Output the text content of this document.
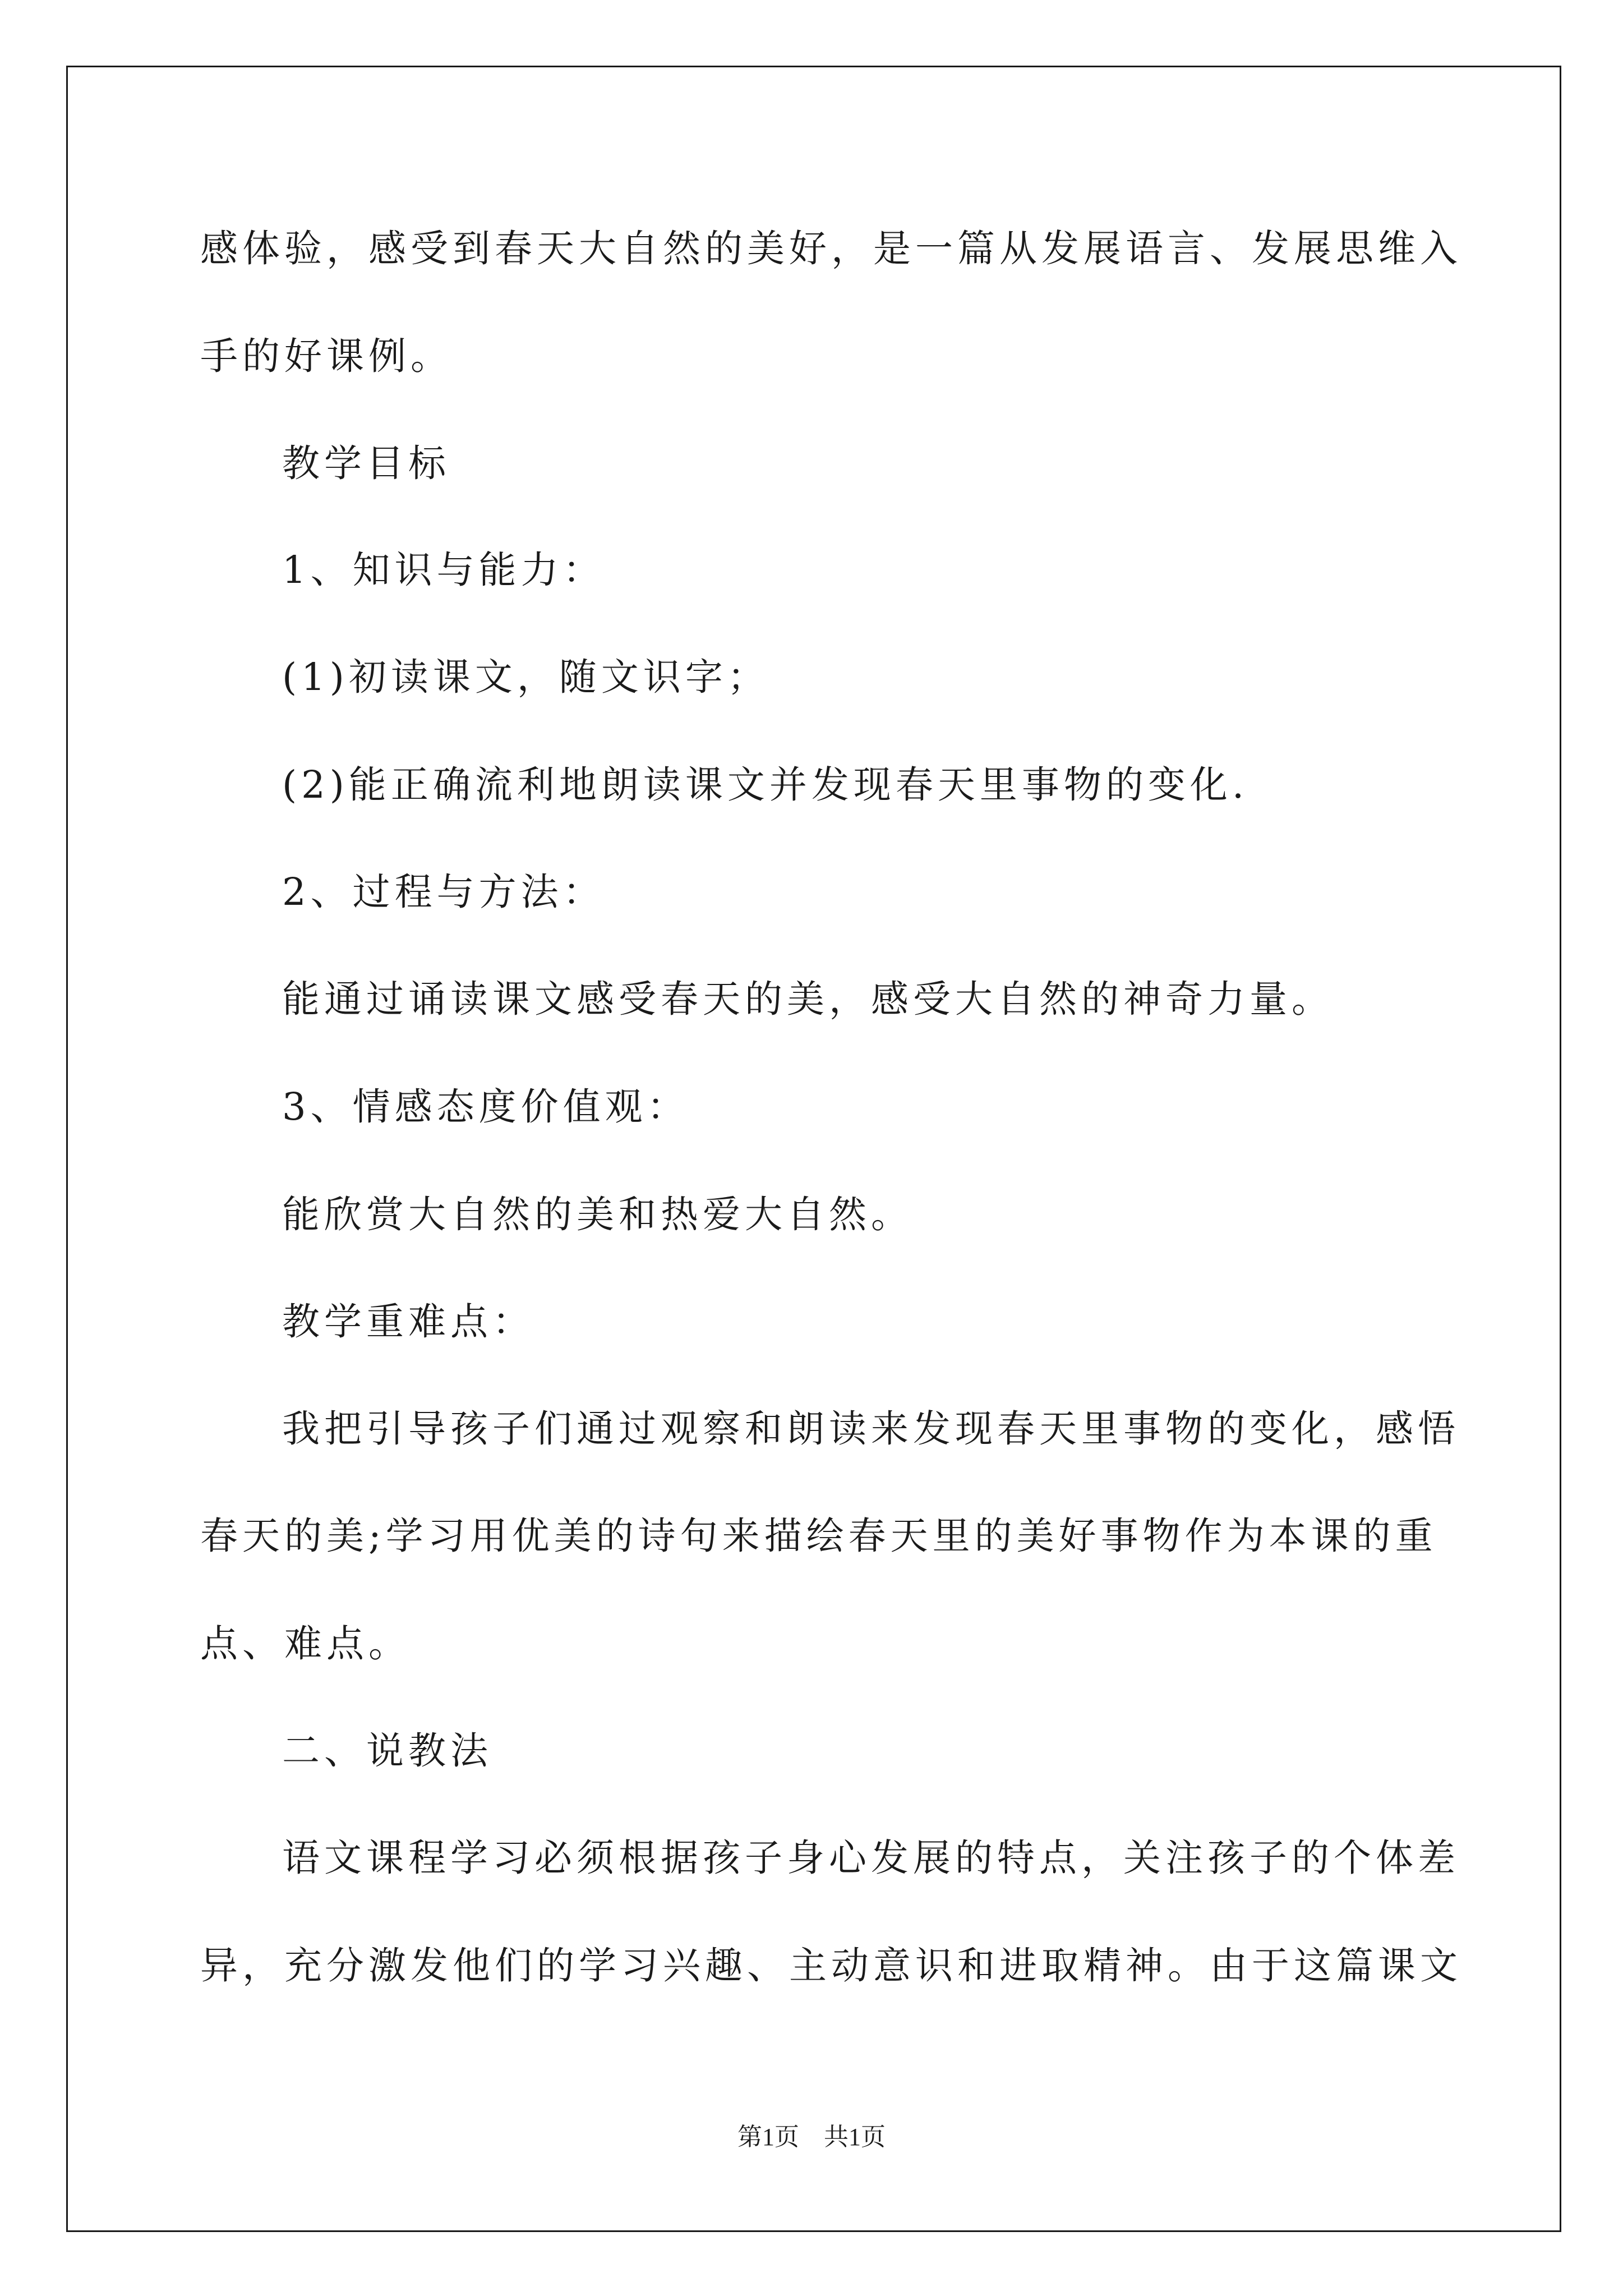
感体验，感受到春天大自然的美好，是一篇从发展语言、发展思维入
手的好课例。
教学目标
1、知识与能力：
(1)初读课文，随文识字；
(2)能正确流利地朗读课文并发现春天里事物的变化.
2、过程与方法：
能通过诵读课文感受春天的美，感受大自然的神奇力量。
3、情感态度价值观：
能欣赏大自然的美和热爱大自然。
教学重难点：
我把引导孩子们通过观察和朗读来发现春天里事物的变化，感悟
春天的美;学习用优美的诗句来描绘春天里的美好事物作为本课的重
点、难点。
二、说教法
语文课程学习必须根据孩子身心发展的特点，关注孩子的个体差
异，充分激发他们的学习兴趣、主动意识和进取精神。由于这篇课文
第1页　共1页
